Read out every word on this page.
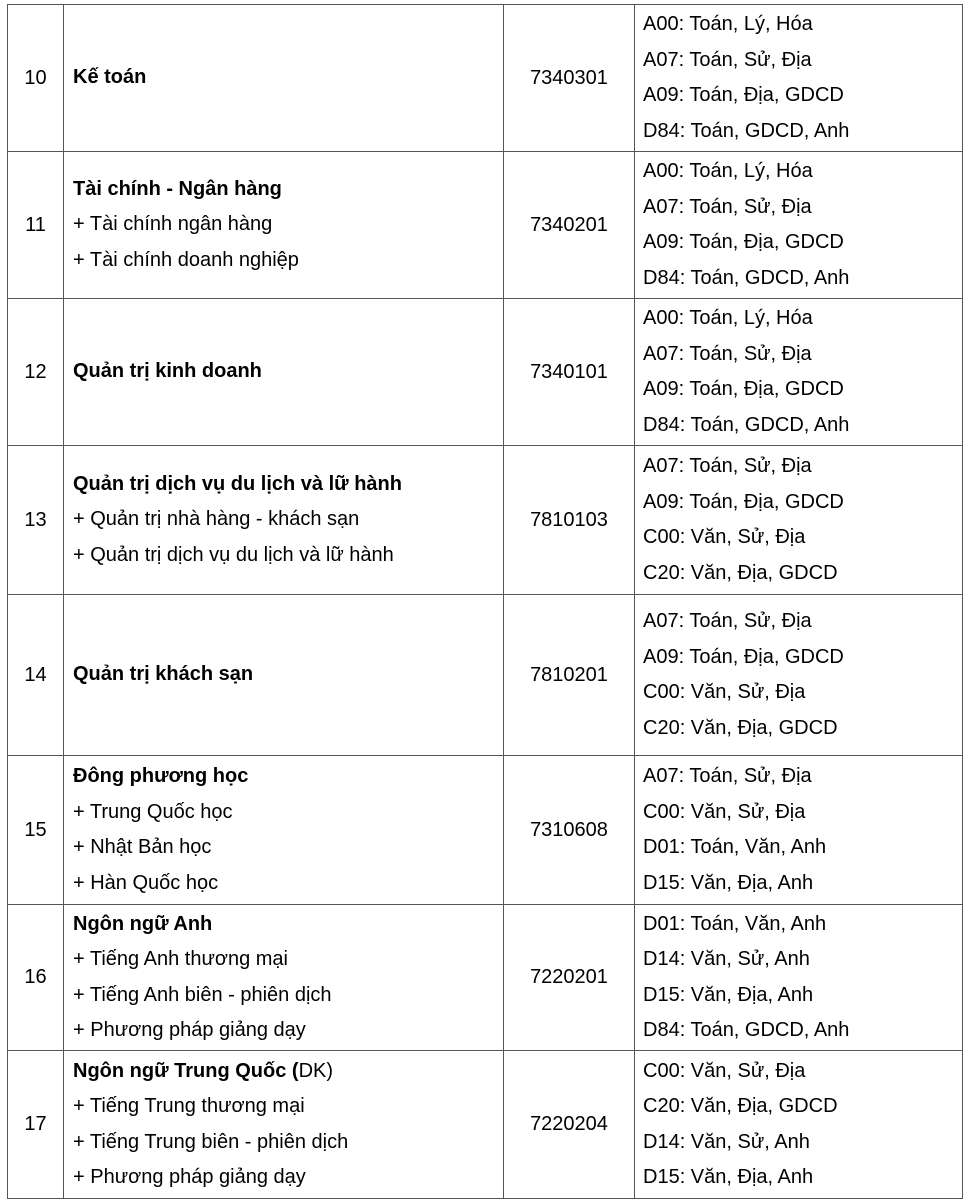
10	Kế toán	7340301	A00: Toán, Lý, Hóa
A07: Toán, Sử, Địa
A09: Toán, Địa, GDCD
D84: Toán, GDCD, Anh

11	Tài chính - Ngân hàng
+ Tài chính ngân hàng
+ Tài chính doanh nghiệp	7340201	A00: Toán, Lý, Hóa
A07: Toán, Sử, Địa
A09: Toán, Địa, GDCD
D84: Toán, GDCD, Anh

12	Quản trị kinh doanh	7340101	A00: Toán, Lý, Hóa
A07: Toán, Sử, Địa
A09: Toán, Địa, GDCD
D84: Toán, GDCD, Anh

13	Quản trị dịch vụ du lịch và lữ hành
+ Quản trị nhà hàng - khách sạn
+ Quản trị dịch vụ du lịch và lữ hành	7810103	A07: Toán, Sử, Địa
A09: Toán, Địa, GDCD
C00: Văn, Sử, Địa
C20: Văn, Địa, GDCD

14	Quản trị khách sạn	7810201	A07: Toán, Sử, Địa
A09: Toán, Địa, GDCD
C00: Văn, Sử, Địa
C20: Văn, Địa, GDCD

15	Đông phương học
+ Trung Quốc học
+ Nhật Bản học
+ Hàn Quốc học	7310608	A07: Toán, Sử, Địa
C00: Văn, Sử, Địa
D01: Toán, Văn, Anh
D15: Văn, Địa, Anh

16	Ngôn ngữ Anh
+ Tiếng Anh thương mại
+ Tiếng Anh biên - phiên dịch
+ Phương pháp giảng dạy	7220201	D01: Toán, Văn, Anh
D14: Văn, Sử, Anh
D15: Văn, Địa, Anh
D84: Toán, GDCD, Anh

17	Ngôn ngữ Trung Quốc (DK)
+ Tiếng Trung thương mại
+ Tiếng Trung biên - phiên dịch
+ Phương pháp giảng dạy	7220204	C00: Văn, Sử, Địa
C20: Văn, Địa, GDCD
D14: Văn, Sử, Anh
D15: Văn, Địa, Anh
